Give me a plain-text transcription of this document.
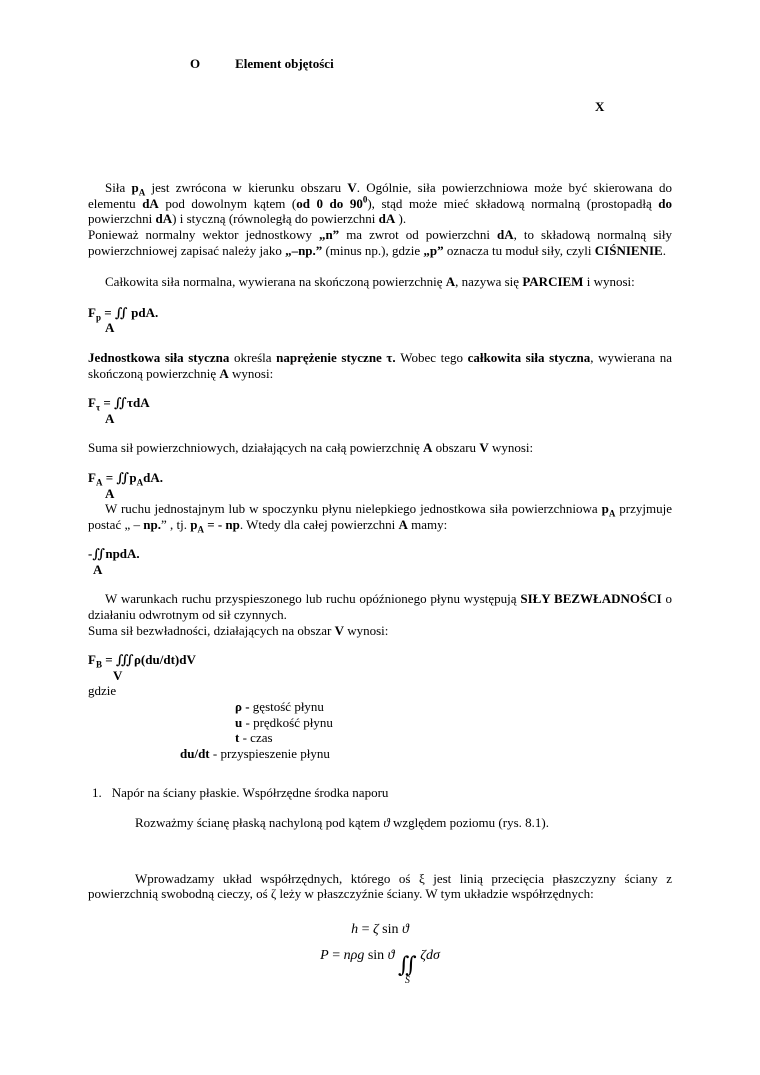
O	Element objętości
X
Siła $p_A$ jest zwrócona w kierunku obszaru V. Ogólnie, siła powierzchniowa może być skierowana do elementu dA pod dowolnym kątem (od 0 do $90^0$), stąd może mieć składową normalną (prostopadłą do powierzchni dA) i styczną (równoległą do powierzchni dA ).
Ponieważ normalny wektor jednostkowy „n” ma zwrot od powierzchni dA, to składową normalną siły powierzchniowej zapisać należy jako „–np.” (minus np.), gdzie „p” oznacza tu moduł siły, czyli CIŚNIENIE.
Całkowita siła normalna, wywierana na skończoną powierzchnię A, nazywa się PARCIEM i wynosi:
$F_p$ = ∬ pdA.
A
Jednostkowa siła styczna określa naprężenie styczne τ. Wobec tego całkowita siła styczna, wywierana na skończoną powierzchnię A wynosi:
$F_\tau$ = ∬τdA
A
Suma sił powierzchniowych, działających na całą powierzchnię A obszaru V wynosi:
$F_A$ = $∬p_AdA$.
A
W ruchu jednostajnym lub w spoczynku płynu nielepkiego jednostkowa siła powierzchniowa $p_A$ przyjmuje postać „ – np.” , tj. $p_A$ = - np. Wtedy dla całej powierzchni A mamy:
-∬npdA.
A
W warunkach ruchu przyspieszonego lub ruchu opóźnionego płynu występują SIŁY BEZWŁADNOŚCI o działaniu odwrotnym od sił czynnych.
Suma sił bezwładności, działających na obszar V wynosi:
$F_B$ = ∭ρ(du/dt)dV
V
gdzie
ρ - gęstość płynu
u - prędkość płynu
t - czas
du/dt - przyspieszenie płynu
1. Napór na ściany płaskie. Współrzędne środka naporu
Rozważmy ścianę płaską nachyloną pod kątem ϑ względem poziomu (rys. 8.1).
Wprowadzamy układ współrzędnych, którego oś ξ jest linią przecięcia płaszczyzny ściany z powierzchnią swobodną cieczy, oś ζ leży w płaszczyźnie ściany. W tym układzie współrzędnych:
h = ζ sin ϑ
P = nρg sin ϑ ∬
S
ζdσ
